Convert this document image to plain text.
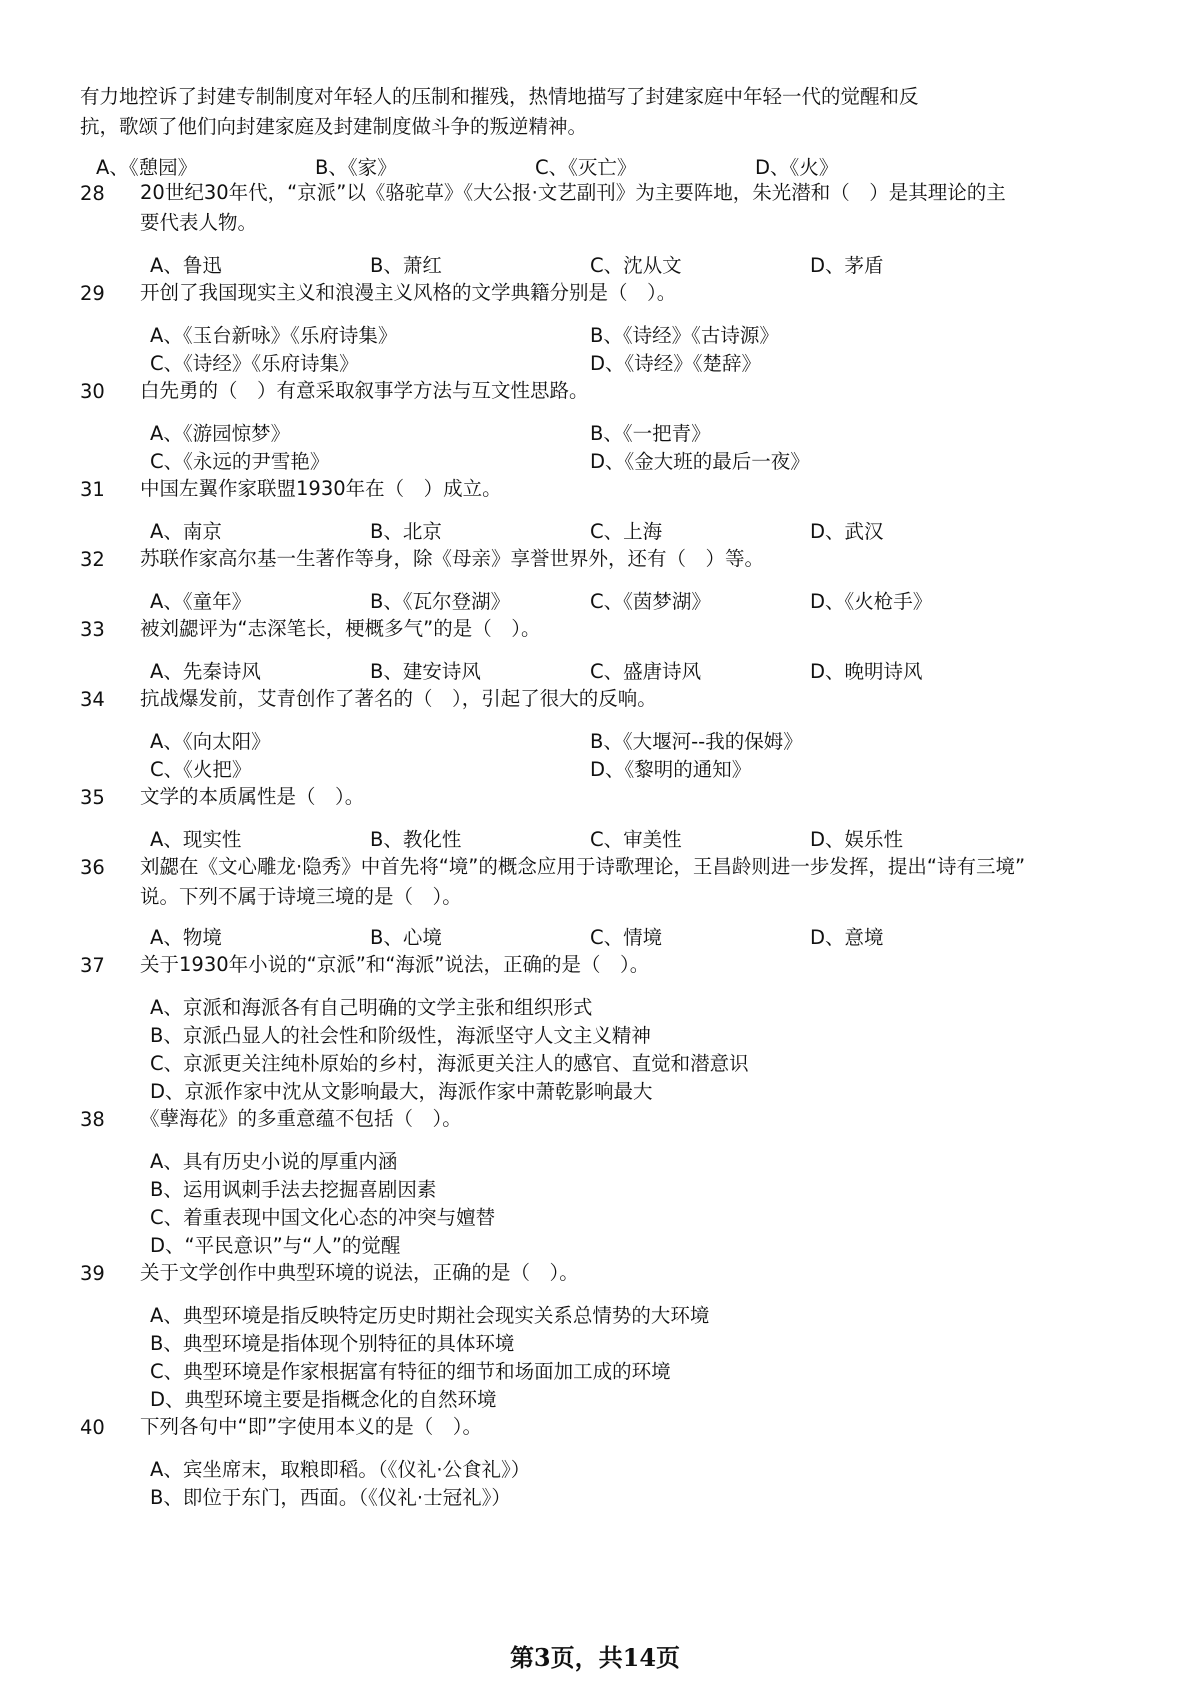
有力地控诉了封建专制制度对年轻人的压制和摧残，热情地描写了封建家庭中年轻一代的觉醒和反
抗，歌颂了他们向封建家庭及封建制度做斗争的叛逆精神。
A、《憩园》	B、《家》	C、《灭亡》	D、《火》
28 20世纪30年代，“京派”以《骆驼草》《大公报·文艺副刊》为主要阵地，朱光潜和（　）是其理论的主
要代表人物。
A、鲁迅	B、萧红	C、沈从文	D、茅盾
29 开创了我国现实主义和浪漫主义风格的文学典籍分别是（　）。
A、《玉台新咏》《乐府诗集》	B、《诗经》《古诗源》
C、《诗经》《乐府诗集》	D、《诗经》《楚辞》
30 白先勇的（　）有意采取叙事学方法与互文性思路。
A、《游园惊梦》	B、《一把青》
C、《永远的尹雪艳》	D、《金大班的最后一夜》
31 中国左翼作家联盟1930年在（　）成立。
A、南京	B、北京	C、上海	D、武汉
32 苏联作家高尔基一生著作等身，除《母亲》享誉世界外，还有（　）等。
A、《童年》	B、《瓦尔登湖》	C、《茵梦湖》	D、《火枪手》
33 被刘勰评为“志深笔长，梗概多气”的是（　）。
A、先秦诗风	B、建安诗风	C、盛唐诗风	D、晚明诗风
34 抗战爆发前，艾青创作了著名的（　），引起了很大的反响。
A、《向太阳》	B、《大堰河--我的保姆》
C、《火把》	D、《黎明的通知》
35 文学的本质属性是（　）。
A、现实性	B、教化性	C、审美性	D、娱乐性
36 刘勰在《文心雕龙·隐秀》中首先将“境”的概念应用于诗歌理论，王昌龄则进一步发挥，提出“诗有三境”
说。下列不属于诗境三境的是（　）。
A、物境	B、心境	C、情境	D、意境
37 关于1930年小说的“京派”和“海派”说法，正确的是（　）。
A、京派和海派各有自己明确的文学主张和组织形式
B、京派凸显人的社会性和阶级性，海派坚守人文主义精神
C、京派更关注纯朴原始的乡村，海派更关注人的感官、直觉和潜意识
D、京派作家中沈从文影响最大，海派作家中萧乾影响最大
38 《孽海花》的多重意蕴不包括（　）。
A、具有历史小说的厚重内涵
B、运用讽刺手法去挖掘喜剧因素
C、着重表现中国文化心态的冲突与嬗替
D、“平民意识”与“人”的觉醒
39 关于文学创作中典型环境的说法，正确的是（　）。
A、典型环境是指反映特定历史时期社会现实关系总情势的大环境
B、典型环境是指体现个别特征的具体环境
C、典型环境是作家根据富有特征的细节和场面加工成的环境
D、典型环境主要是指概念化的自然环境
40 下列各句中“即”字使用本义的是（　）。
A、宾坐席末，取粮即稻。（《仪礼·公食礼》）
B、即位于东门，西面。（《仪礼·士冠礼》）
第3页，共14页
